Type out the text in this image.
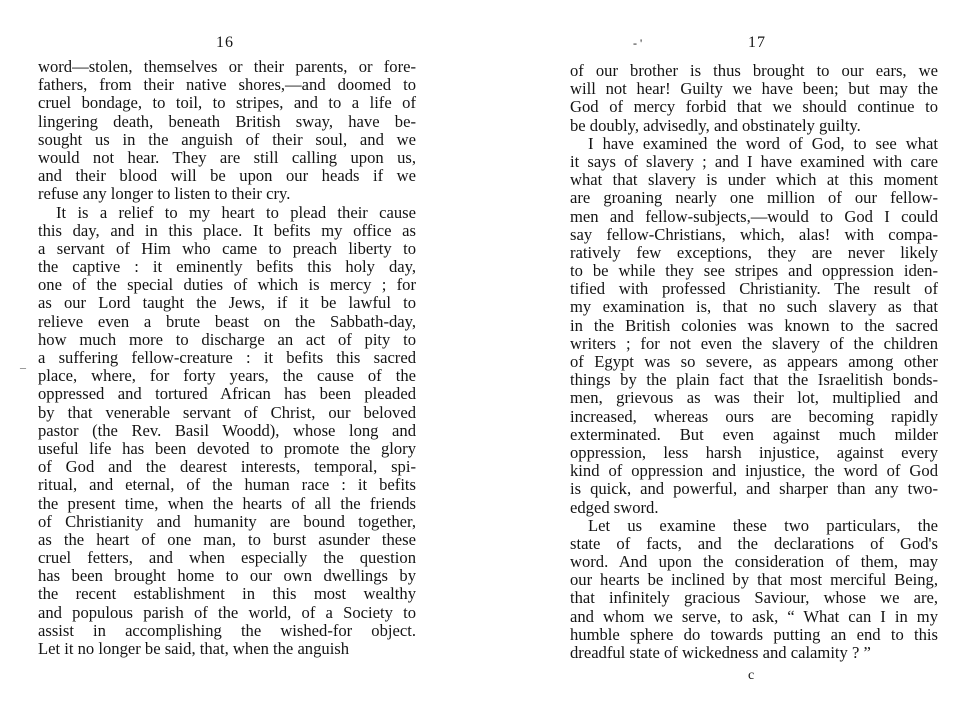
16
–
word—stolen, themselves or their parents, or fore-
fathers, from their native shores,—and doomed to
cruel bondage, to toil, to stripes, and to a life of
lingering death, beneath British sway, have be-
sought us in the anguish of their soul, and we
would not hear. They are still calling upon us,
and their blood will be upon our heads if we
refuse any longer to listen to their cry.
It is a relief to my heart to plead their cause
this day, and in this place. It befits my office as
a servant of Him who came to preach liberty to
the captive : it eminently befits this holy day,
one of the special duties of which is mercy ; for
as our Lord taught the Jews, if it be lawful to
relieve even a brute beast on the Sabbath-day,
how much more to discharge an act of pity to
a suffering fellow-creature : it befits this sacred
place, where, for forty years, the cause of the
oppressed and tortured African has been pleaded
by that venerable servant of Christ, our beloved
pastor (the Rev. Basil Woodd), whose long and
useful life has been devoted to promote the glory
of God and the dearest interests, temporal, spi-
ritual, and eternal, of the human race : it befits
the present time, when the hearts of all the friends
of Christianity and humanity are bound together,
as the heart of one man, to burst asunder these
cruel fetters, and when especially the question
has been brought home to our own dwellings by
the recent establishment in this most wealthy
and populous parish of the world, of a Society to
assist in accomplishing the wished-for object.
Let it no longer be said, that, when the anguish
- '	17
of our brother is thus brought to our ears, we
will not hear! Guilty we have been; but may the
God of mercy forbid that we should continue to
be doubly, advisedly, and obstinately guilty.
I have examined the word of God, to see what
it says of slavery ; and I have examined with care
what that slavery is under which at this moment
are groaning nearly one million of our fellow-
men and fellow-subjects,—would to God I could
say fellow-Christians, which, alas! with compa-
ratively few exceptions, they are never likely
to be while they see stripes and oppression iden-
tified with professed Christianity. The result of
my examination is, that no such slavery as that
in the British colonies was known to the sacred
writers ; for not even the slavery of the children
of Egypt was so severe, as appears among other
things by the plain fact that the Israelitish bonds-
men, grievous as was their lot, multiplied and
increased, whereas ours are becoming rapidly
exterminated. But even against much milder
oppression, less harsh injustice, against every
kind of oppression and injustice, the word of God
is quick, and powerful, and sharper than any two-
edged sword.
Let us examine these two particulars, the
state of facts, and the declarations of God's
word. And upon the consideration of them, may
our hearts be inclined by that most merciful Being,
that infinitely gracious Saviour, whose we are,
and whom we serve, to ask, “ What can I in my
humble sphere do towards putting an end to this
dreadful state of wickedness and calamity ? ”
c
